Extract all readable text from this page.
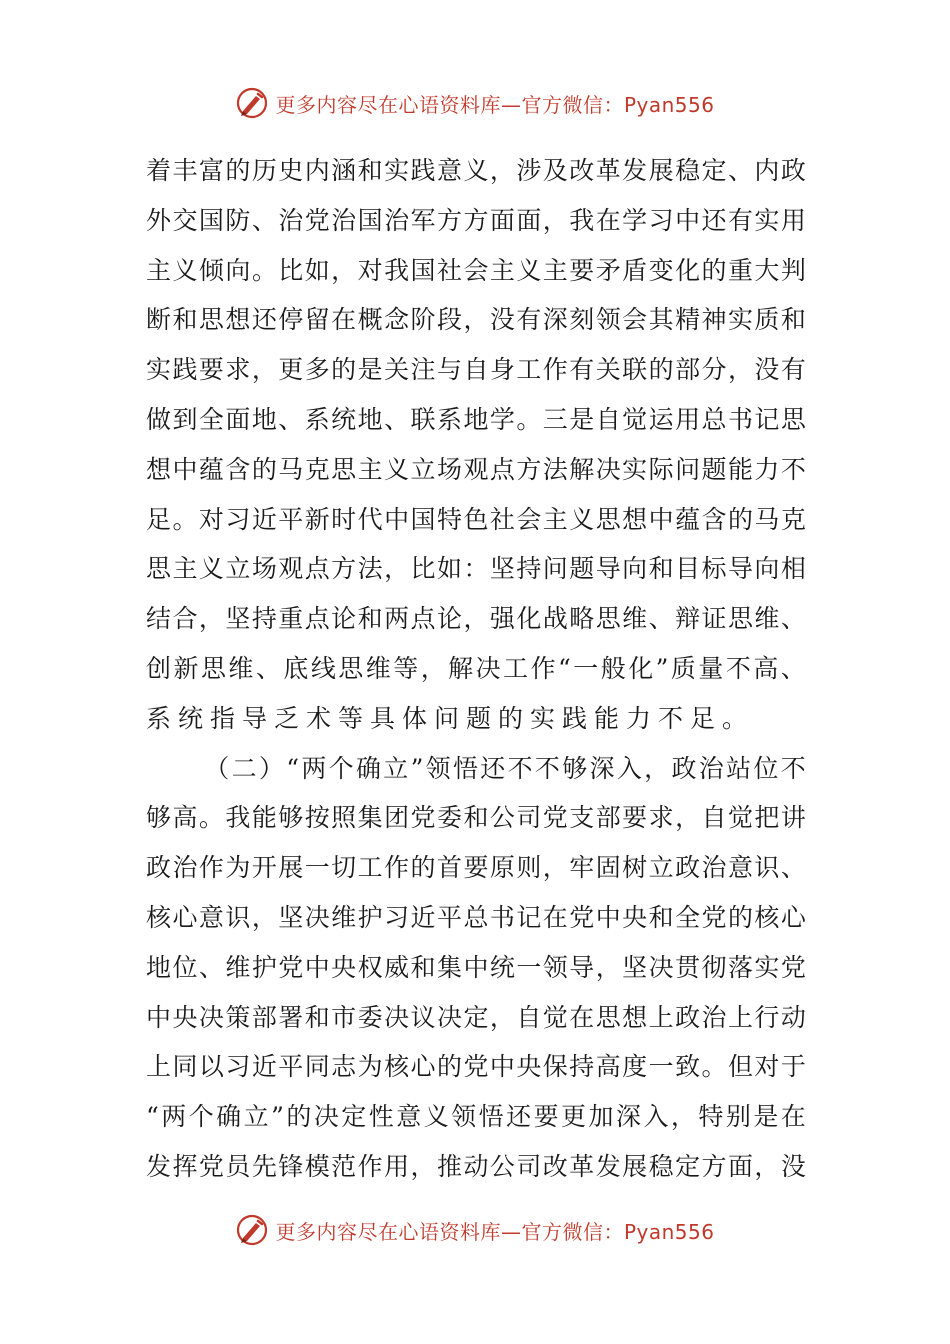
更多内容尽在心语资料库—官方微信：Pyan556
着 丰 富 的 历 史 内 涵 和 实 践 意 义 ， 涉 及 改 革 发 展 稳 定 、 内 政
外 交 国 防 、 治 党 治 国 治 军 方 方 面 面 ， 我 在 学 习 中 还 有 实 用
主 义 倾 向 。 比 如 ， 对 我 国 社 会 主 义 主 要 矛 盾 变 化 的 重 大 判
断 和 思 想 还 停 留 在 概 念 阶 段 ， 没 有 深 刻 领 会 其 精 神 实 质 和
实 践 要 求 ， 更 多 的 是 关 注 与 自 身 工 作 有 关 联 的 部 分 ， 没 有
做 到 全 面 地 、 系 统 地 、 联 系 地 学 。 三 是 自 觉 运 用 总 书 记 思
想 中 蕴 含 的 马 克 思 主 义 立 场 观 点 方 法 解 决 实 际 问 题 能 力 不
足 。 对 习 近 平 新 时 代 中 国 特 色 社 会 主 义 思 想 中 蕴 含 的 马 克
思 主 义 立 场 观 点 方 法 ， 比 如 ： 坚 持 问 题 导 向 和 目 标 导 向 相
结 合 ， 坚 持 重 点 论 和 两 点 论 ， 强 化 战 略 思 维 、 辩 证 思 维 、
创 新 思 维 、 底 线 思 维 等 ， 解 决 工 作 “ 一 般 化 ” 质 量 不 高 、
系统指导乏术等具体问题的实践能力不足。
（ 二 ） “ 两 个 确 立 ” 领 悟 还 不 不 够 深 入 ， 政 治 站 位 不
够 高 。 我 能 够 按 照 集 团 党 委 和 公 司 党 支 部 要 求 ， 自 觉 把 讲
政 治 作 为 开 展 一 切 工 作 的 首 要 原 则 ， 牢 固 树 立 政 治 意 识 、
核 心 意 识 ， 坚 决 维 护 习 近 平 总 书 记 在 党 中 央 和 全 党 的 核 心
地 位 、 维 护 党 中 央 权 威 和 集 中 统 一 领 导 ， 坚 决 贯 彻 落 实 党
中 央 决 策 部 署 和 市 委 决 议 决 定 ， 自 觉 在 思 想 上 政 治 上 行 动
上 同 以 习 近 平 同 志 为 核 心 的 党 中 央 保 持 高 度 一 致 。 但 对 于
“ 两 个 确 立 ” 的 决 定 性 意 义 领 悟 还 要 更 加 深 入 ， 特 别 是 在
发 挥 党 员 先 锋 模 范 作 用 ， 推 动 公 司 改 革 发 展 稳 定 方 面 ， 没
更多内容尽在心语资料库—官方微信：Pyan556
